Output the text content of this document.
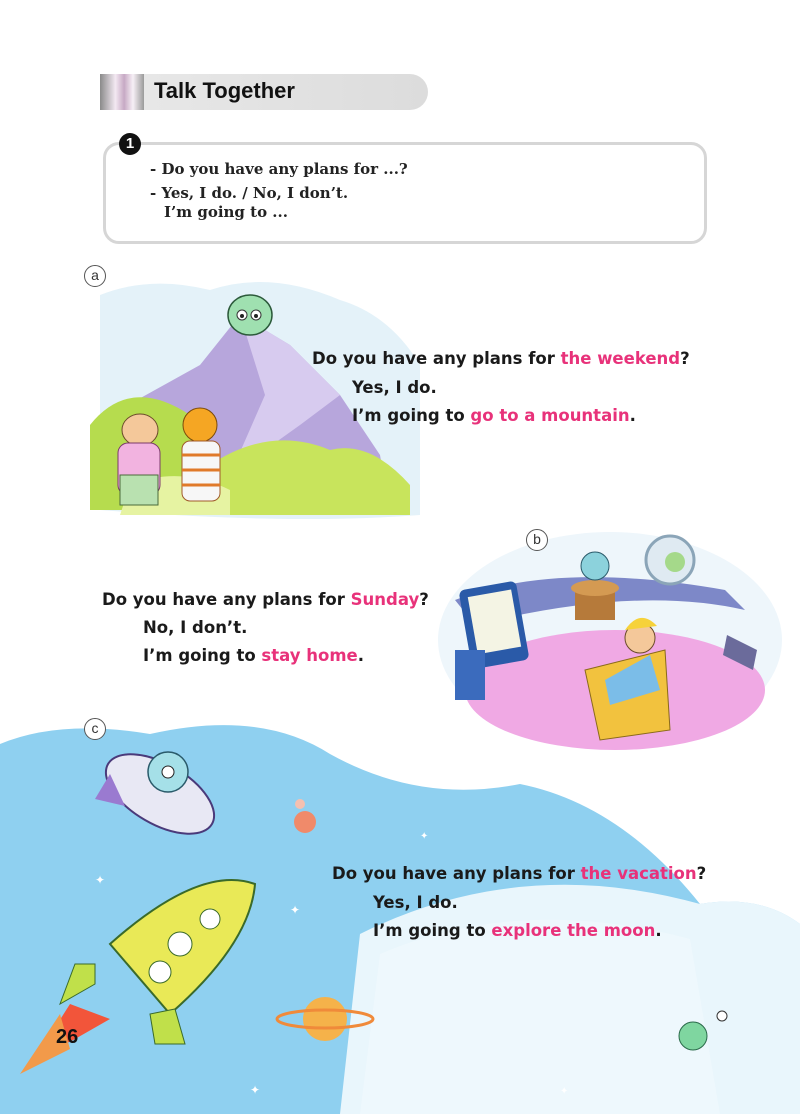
Talk Together
1
- Do you have any plans for ...?
- Yes, I do. / No, I don’t.
I’m going to ...
✦
✦
✦
✦	✦
a
b
c
Do you have any plans for the weekend?
Yes, I do.
I’m going to go to a mountain.
Do you have any plans for Sunday?
No, I don’t.
I’m going to stay home.
Do you have any plans for the vacation?
Yes, I do.
I’m going to explore the moon.
26
